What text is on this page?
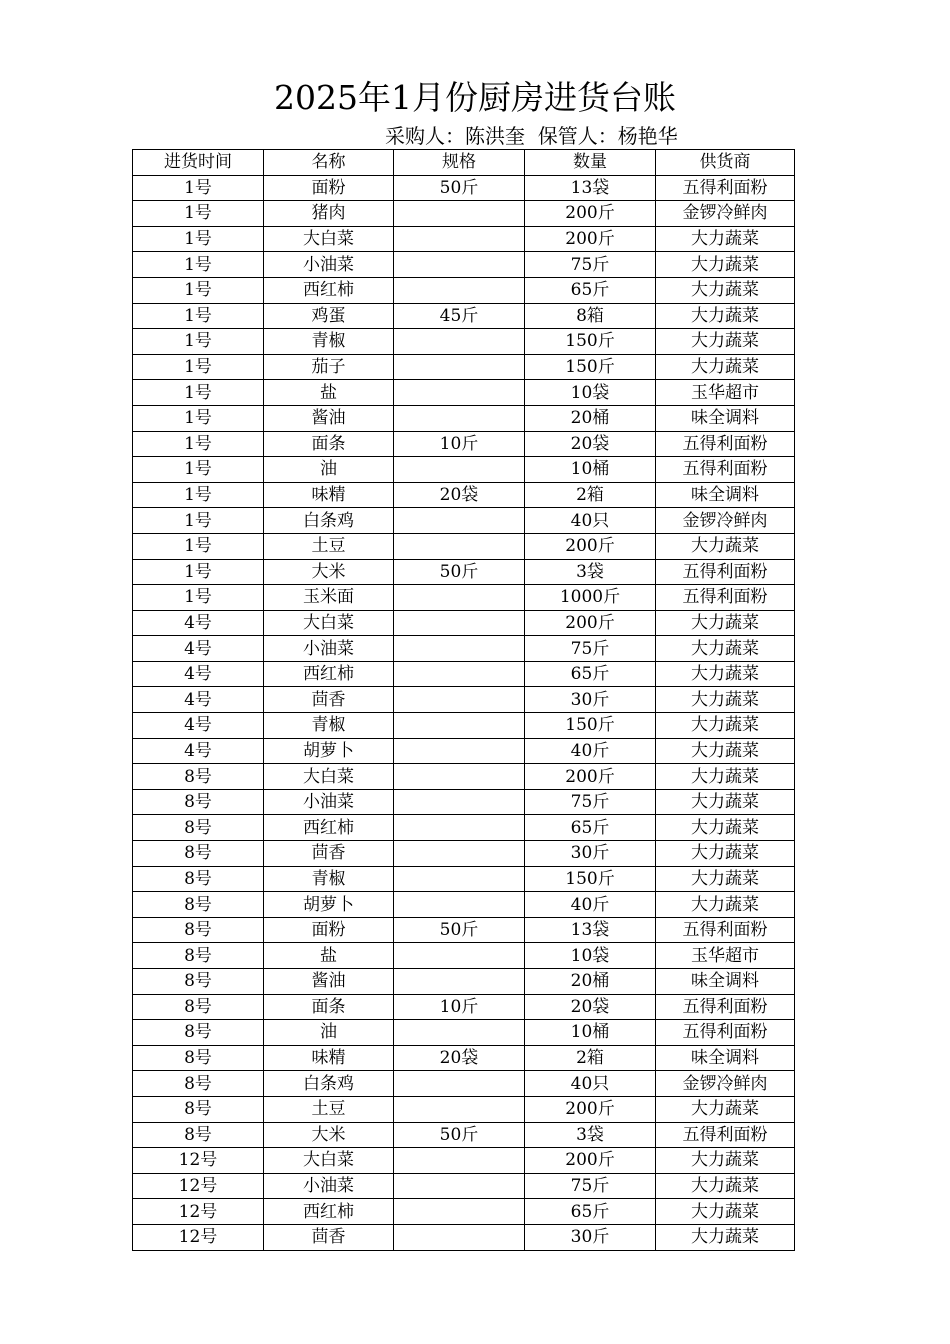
2025年1月份厨房进货台账
采购人：陈洪奎  保管人：杨艳华
进货时间	名称	规格	数量	供货商
1号	面粉	50斤	13袋	五得利面粉
1号	猪肉		200斤	金锣冷鲜肉
1号	大白菜		200斤	大力蔬菜
1号	小油菜		75斤	大力蔬菜
1号	西红柿		65斤	大力蔬菜
1号	鸡蛋	45斤	8箱	大力蔬菜
1号	青椒		150斤	大力蔬菜
1号	茄子		150斤	大力蔬菜
1号	盐		10袋	玉华超市
1号	酱油		20桶	味全调料
1号	面条	10斤	20袋	五得利面粉
1号	油		10桶	五得利面粉
1号	味精	20袋	2箱	味全调料
1号	白条鸡		40只	金锣冷鲜肉
1号	土豆		200斤	大力蔬菜
1号	大米	50斤	3袋	五得利面粉
1号	玉米面		1000斤	五得利面粉
4号	大白菜		200斤	大力蔬菜
4号	小油菜		75斤	大力蔬菜
4号	西红柿		65斤	大力蔬菜
4号	茴香		30斤	大力蔬菜
4号	青椒		150斤	大力蔬菜
4号	胡萝卜		40斤	大力蔬菜
8号	大白菜		200斤	大力蔬菜
8号	小油菜		75斤	大力蔬菜
8号	西红柿		65斤	大力蔬菜
8号	茴香		30斤	大力蔬菜
8号	青椒		150斤	大力蔬菜
8号	胡萝卜		40斤	大力蔬菜
8号	面粉	50斤	13袋	五得利面粉
8号	盐		10袋	玉华超市
8号	酱油		20桶	味全调料
8号	面条	10斤	20袋	五得利面粉
8号	油		10桶	五得利面粉
8号	味精	20袋	2箱	味全调料
8号	白条鸡		40只	金锣冷鲜肉
8号	土豆		200斤	大力蔬菜
8号	大米	50斤	3袋	五得利面粉
12号	大白菜		200斤	大力蔬菜
12号	小油菜		75斤	大力蔬菜
12号	西红柿		65斤	大力蔬菜
12号	茴香		30斤	大力蔬菜
